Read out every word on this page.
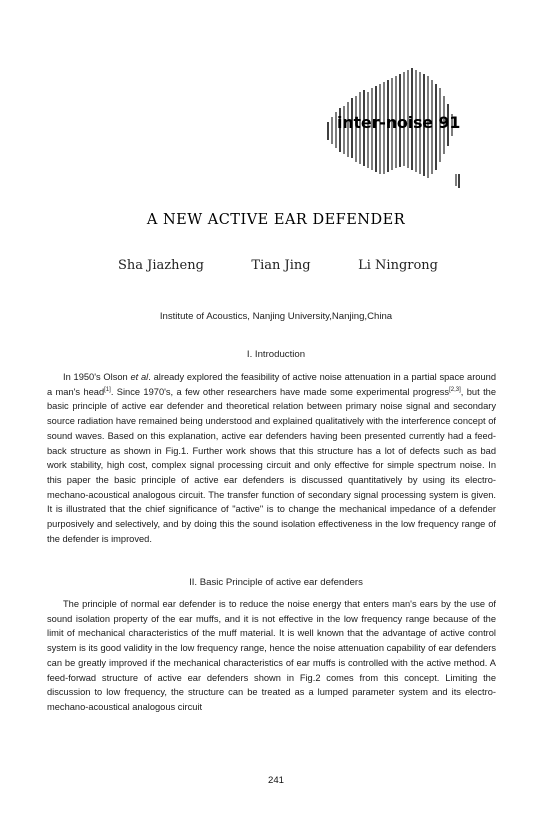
inter-noise 91
A NEW ACTIVE EAR DEFENDER
Sha Jiazheng	Tian Jing	Li Ningrong
Institute of Acoustics, Nanjing University,Nanjing,China
I. Introduction

In 1950's Olson et al. already explored the feasibility of active noise attenuation in a partial space around a man's head[1]. Since 1970's, a few other researchers have made some experimental progress[2,3], but the basic principle of active ear defender and theoretical relation between primary noise signal and secondary source radiation have remained being understood and explained qualitatively with the interference concept of sound waves. Based on this explanation, active ear defenders having been presented currently had a feed-back structure as shown in Fig.1. Further work shows that this structure has a lot of defects such as bad work stability, high cost, complex signal processing circuit and only effective for simple spectrum noise. In this paper the basic principle of active ear defenders is discussed quantitatively by using its electro-mechano-acoustical analogous circuit. The transfer function of secondary signal processing system is given. It is illustrated that the chief significance of "active" is to change the mechanical impedance of a defender purposively and selectively, and by doing this the sound isolation effectiveness in the low frequency range of the defender is improved.

II. Basic Principle of active ear defenders

The principle of normal ear defender is to reduce the noise energy that enters man's ears by the use of sound isolation property of the ear muffs, and it is not effective in the low frequency range because of the limit of mechanical characteristics of the muff material. It is well known that the advantage of active control system is its good validity in the low frequency range, hence the noise attenuation capability of ear defenders can be greatly improved if the mechanical characteristics of ear muffs is controlled with the active method. A feed-forwad structure of active ear defenders shown in Fig.2 comes from this concept. Limiting the discussion to low frequency, the structure can be treated as a lumped parameter system and its electro-mechano-acoustical analogous circuit

241
